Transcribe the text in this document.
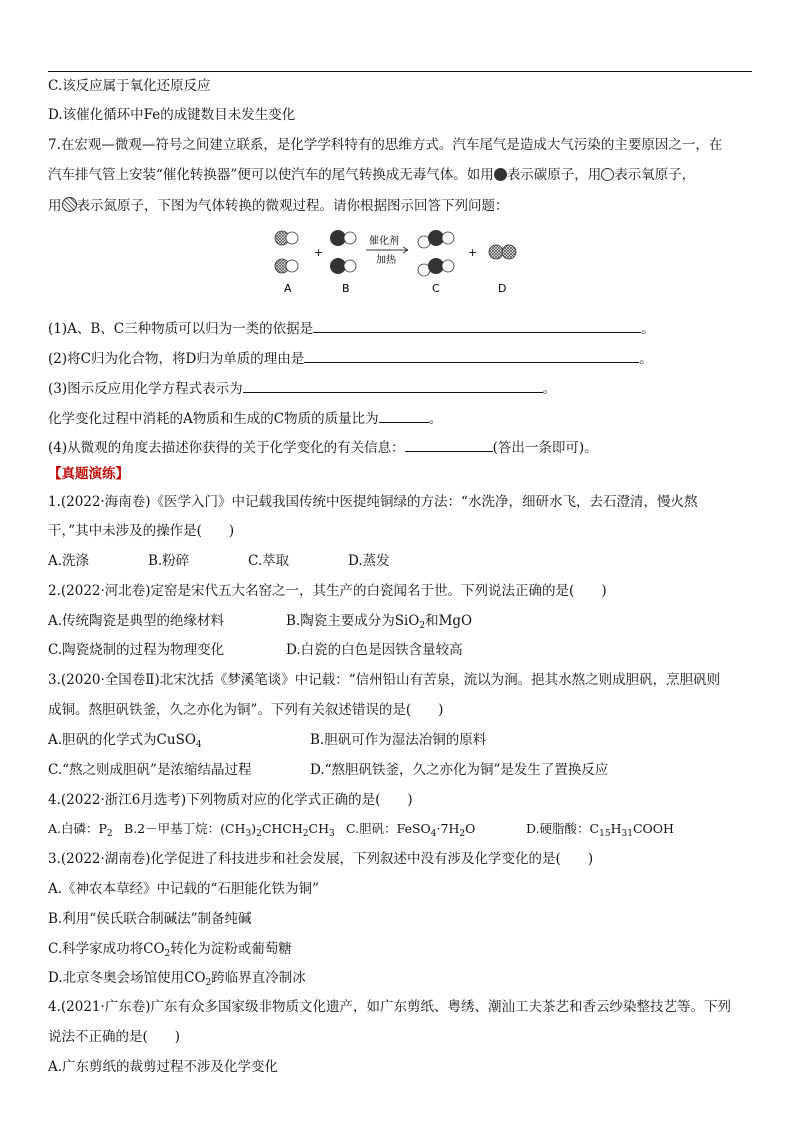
C.该反应属于氧化还原反应
D.该催化循环中Fe的成键数目未发生变化
7.在宏观—微观—符号之间建立联系，是化学学科特有的思维方式。汽车尾气是造成大气污染的主要原因之一，在
汽车排气管上安装“催化转换器”便可以使汽车的尾气转换成无毒气体。如用 表示碳原子，用 表示氧原子，
用 表示氮原子，下图为气体转换的微观过程。请你根据图示回答下列问题：
+
催化剂
加热
+
A	B	C	D
(1)A、B、C三种物质可以归为一类的依据是	。
(2)将C归为化合物，将D归为单质的理由是	。
(3)图示反应用化学方程式表示为	。
化学变化过程中消耗的A物质和生成的C物质的质量比为	。
(4)从微观的角度去描述你获得的关于化学变化的有关信息：	(答出一条即可)。
【真题演练】
1.(2022·海南卷)《医学入门》中记载我国传统中医提纯铜绿的方法：“水洗净，细研水飞，去石澄清，慢火熬
干，”其中未涉及的操作是(　　)
A.洗涤	B.粉碎	C.萃取	D.蒸发
2.(2022·河北卷)定窑是宋代五大名窑之一，其生产的白瓷闻名于世。下列说法正确的是(　　)
A.传统陶瓷是典型的绝缘材料	B.陶瓷主要成分为SiO$_2$和MgO
C.陶瓷烧制的过程为物理变化	D.白瓷的白色是因铁含量较高
3.(2020·全国卷Ⅱ)北宋沈括《梦溪笔谈》中记载：“信州铅山有苦泉，流以为涧。挹其水熬之则成胆矾，烹胆矾则
成铜。熬胆矾铁釜，久之亦化为铜”。下列有关叙述错误的是(　　)
A.胆矾的化学式为CuSO$_4$	B.胆矾可作为湿法冶铜的原料
C.“熬之则成胆矾”是浓缩结晶过程	D.“熬胆矾铁釜，久之亦化为铜”是发生了置换反应
4.(2022·浙江6月选考)下列物质对应的化学式正确的是(　　)
A.白磷：$P_2$ B.2－甲基丁烷：$(CH_3)_2CHCH_2CH_3$ C.胆矾：$FeSO_4\cdot 7H_2O$	D.硬脂酸：$C_{15}H_{31}COOH$
3.(2022·湖南卷)化学促进了科技进步和社会发展，下列叙述中没有涉及化学变化的是(　　)
A.《神农本草经》中记载的“石胆能化铁为铜”
B.利用“侯氏联合制碱法”制备纯碱
C.科学家成功将$CO_2$转化为淀粉或葡萄糖
D.北京冬奥会场馆使用$CO_2$跨临界直冷制冰
4.(2021·广东卷)广东有众多国家级非物质文化遗产，如广东剪纸、粤绣、潮汕工夫茶艺和香云纱染整技艺等。下列
说法不正确的是(　　)
A.广东剪纸的裁剪过程不涉及化学变化
